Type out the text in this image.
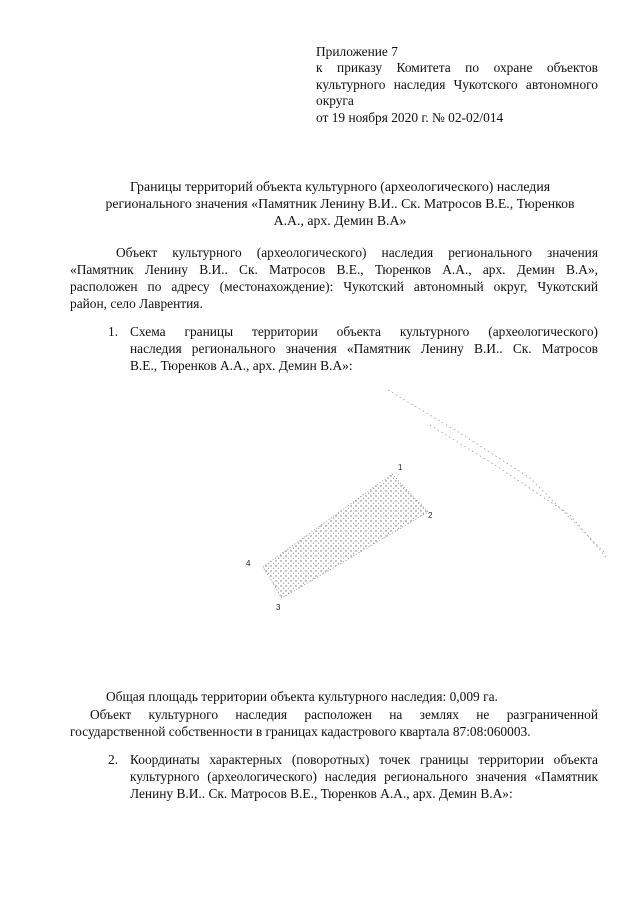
Приложение 7
к приказу Комитета по охране объектов
культурного наследия Чукотского автономного
округа
от 19 ноября 2020 г. № 02-02/014
Границы территорий объекта культурного (археологического) наследия
регионального значения «Памятник Ленину В.И.. Ск. Матросов В.Е., Тюренков
А.А., арх. Демин В.А»
Объект культурного (археологического) наследия регионального значения
«Памятник Ленину В.И.. Ск. Матросов В.Е., Тюренков А.А., арх. Демин В.А»,
расположен по адресу (местонахождение): Чукотский автономный округ, Чукотский
район, село Лаврентия.
1. Схема границы территории объекта культурного (археологического)
наследия регионального значения «Памятник Ленину В.И.. Ск. Матросов
В.Е., Тюренков А.А., арх. Демин В.А»:
1
2
3
4
Общая площадь территории объекта культурного наследия: 0,009 га.
Объект культурного наследия расположен на землях не разграниченной
государственной собственности в границах кадастрового квартала 87:08:060003.
2. Координаты характерных (поворотных) точек границы территории объекта
культурного (археологического) наследия регионального значения «Памятник
Ленину В.И.. Ск. Матросов В.Е., Тюренков А.А., арх. Демин В.А»:
